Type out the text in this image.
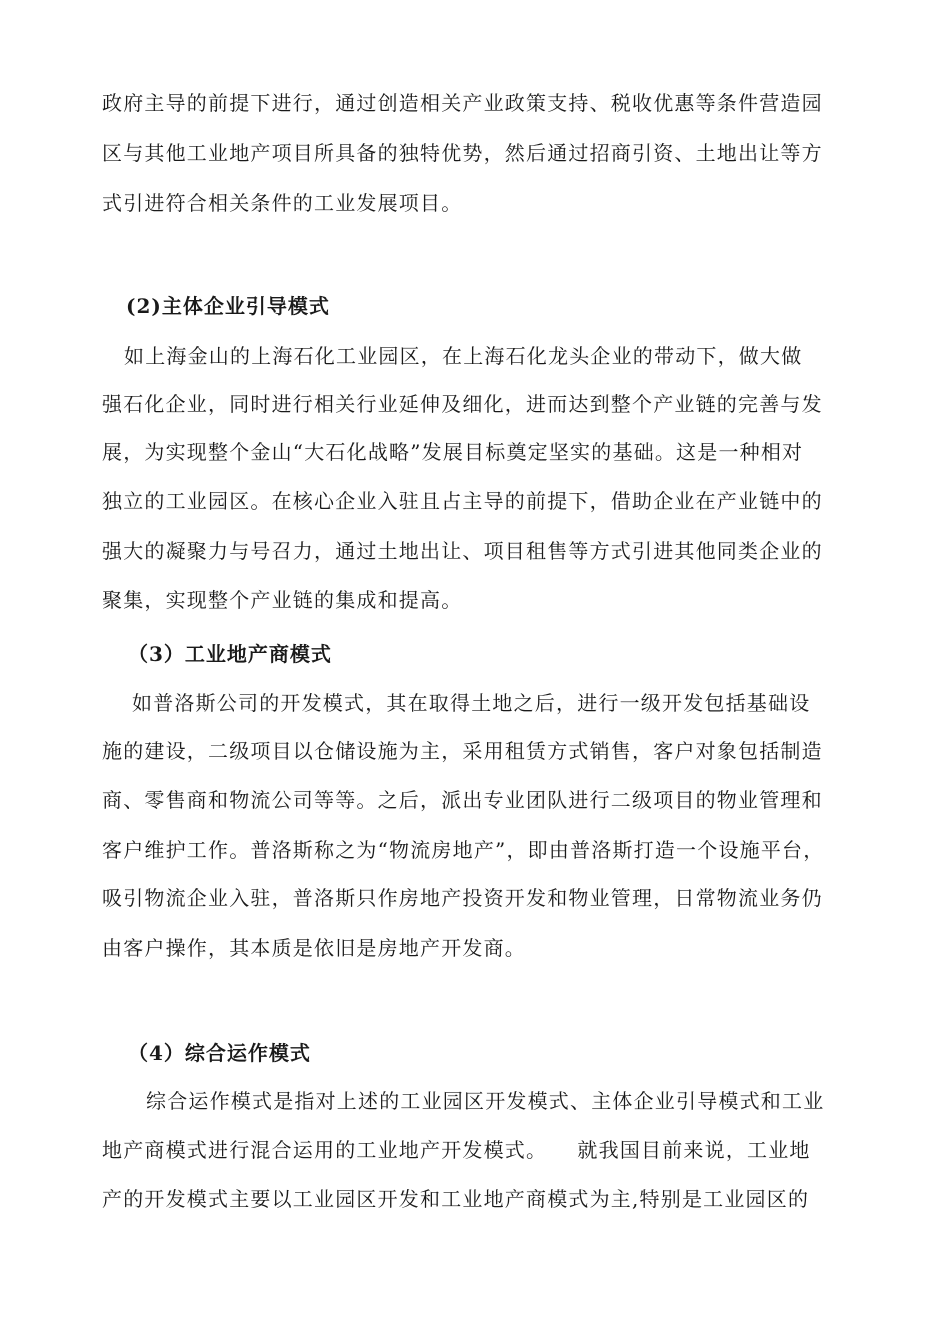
政府主导的前提下进行，通过创造相关产业政策支持、税收优惠等条件营造园
区与其他工业地产项目所具备的独特优势，然后通过招商引资、土地出让等方
式引进符合相关条件的工业发展项目。
(2)主体企业引导模式
如上海金山的上海石化工业园区，在上海石化龙头企业的带动下，做大做
强石化企业，同时进行相关行业延伸及细化，进而达到整个产业链的完善与发
展，为实现整个金山“大石化战略”发展目标奠定坚实的基础。这是一种相对
独立的工业园区。在核心企业入驻且占主导的前提下，借助企业在产业链中的
强大的凝聚力与号召力，通过土地出让、项目租售等方式引进其他同类企业的
聚集，实现整个产业链的集成和提高。
（3）工业地产商模式
如普洛斯公司的开发模式，其在取得土地之后，进行一级开发包括基础设
施的建设，二级项目以仓储设施为主，采用租赁方式销售，客户对象包括制造
商、零售商和物流公司等等。之后，派出专业团队进行二级项目的物业管理和
客户维护工作。普洛斯称之为“物流房地产”，即由普洛斯打造一个设施平台，
吸引物流企业入驻，普洛斯只作房地产投资开发和物业管理，日常物流业务仍
由客户操作，其本质是依旧是房地产开发商。
（4）综合运作模式
综合运作模式是指对上述的工业园区开发模式、主体企业引导模式和工业
地产商模式进行混合运用的工业地产开发模式。    就我国目前来说，工业地
产的开发模式主要以工业园区开发和工业地产商模式为主,特别是工业园区的
